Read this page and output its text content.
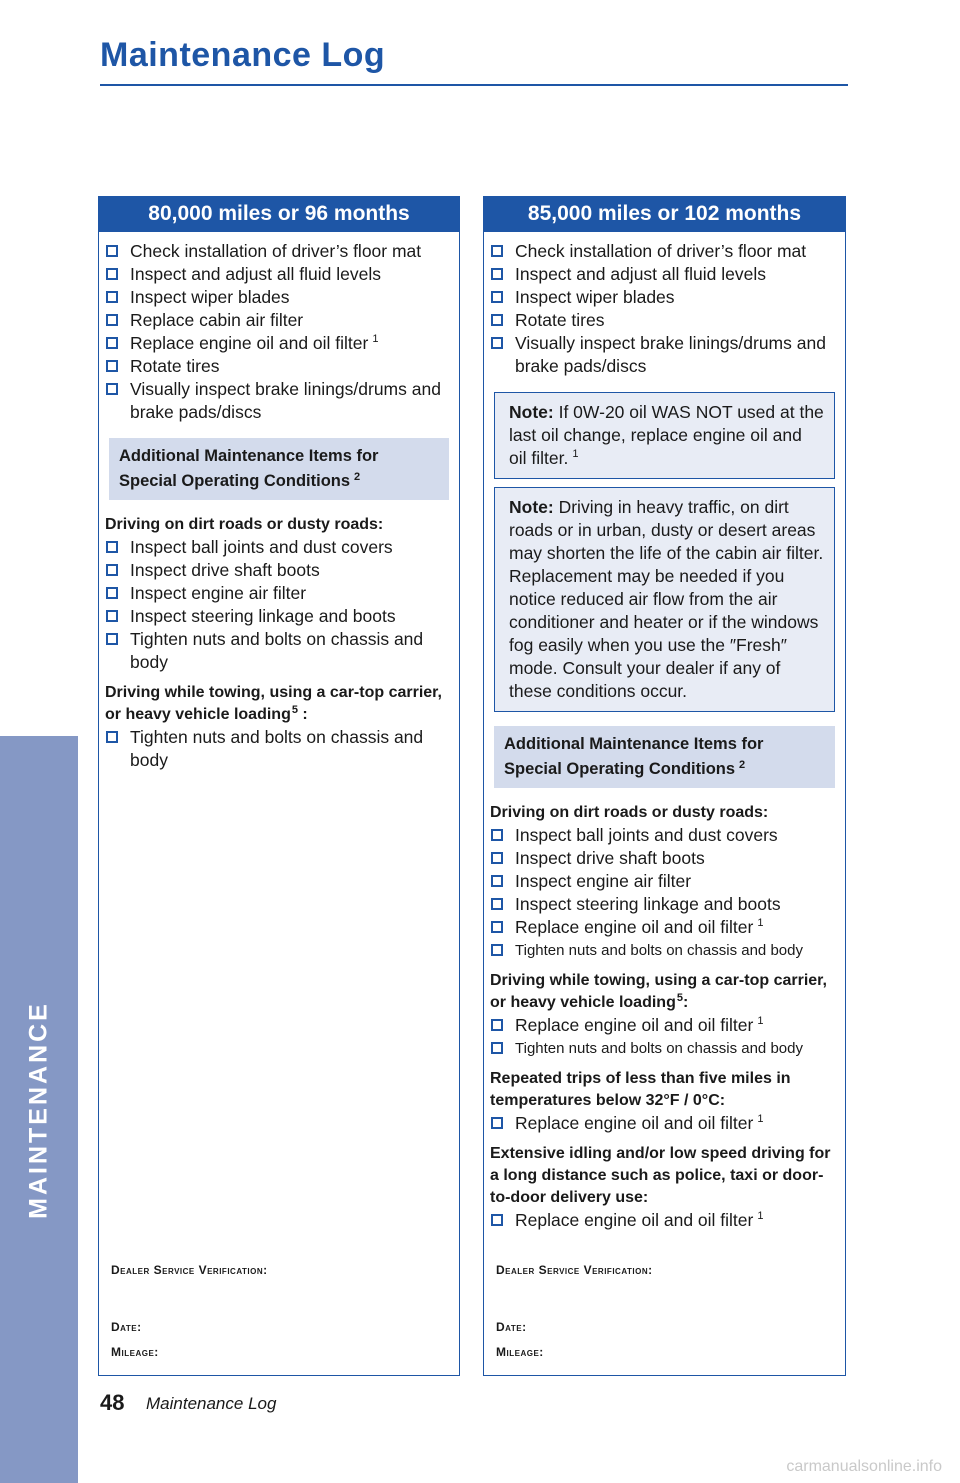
Maintenance Log
MAINTENANCE
80,000 miles or 96 months
Check installation of driver’s floor mat
Inspect and adjust all fluid levels
Inspect wiper blades
Replace cabin air filter
Replace engine oil and oil filter $^1$
Rotate tires
Visually inspect brake linings/drums and brake pads/discs
Additional Maintenance Items for
Special Operating Conditions $^2$
Driving on dirt roads or dusty roads:
Inspect ball joints and dust covers
Inspect drive shaft boots
Inspect engine air filter
Inspect steering linkage and boots
Tighten nuts and bolts on chassis and body
Driving while towing, using a car-top carrier, or heavy vehicle loading$^5$ :
Tighten nuts and bolts on chassis and body
Dealer Service Verification:
Date:
Mileage:
85,000 miles or 102 months
Check installation of driver’s floor mat
Inspect and adjust all fluid levels
Inspect wiper blades
Rotate tires
Visually inspect brake linings/drums and brake pads/discs
Note: If 0W-20 oil WAS NOT used at the last oil change, replace engine oil and oil filter. $^1$
Note: Driving in heavy traffic, on dirt roads or in urban, dusty or desert areas may shorten the life of the cabin air filter. Replacement may be needed if you notice reduced air flow from the air conditioner and heater or if the windows fog easily when you use the ″Fresh″ mode. Consult your dealer if any of these conditions occur.
Additional Maintenance Items for
Special Operating Conditions $^2$
Driving on dirt roads or dusty roads:
Inspect ball joints and dust covers
Inspect drive shaft boots
Inspect engine air filter
Inspect steering linkage and boots
Replace engine oil and oil filter $^1$
Tighten nuts and bolts on chassis and body
Driving while towing, using a car-top carrier, or heavy vehicle loading$^5$:
Replace engine oil and oil filter $^1$
Tighten nuts and bolts on chassis and body
Repeated trips of less than five miles in temperatures below 32°F / 0°C:
Replace engine oil and oil filter $^1$
Extensive idling and/or low speed driving for a long distance such as police, taxi or door-to-door delivery use:
Replace engine oil and oil filter $^1$
Dealer Service Verification:
Date:
Mileage:
48 Maintenance Log
carmanualsonline.info
